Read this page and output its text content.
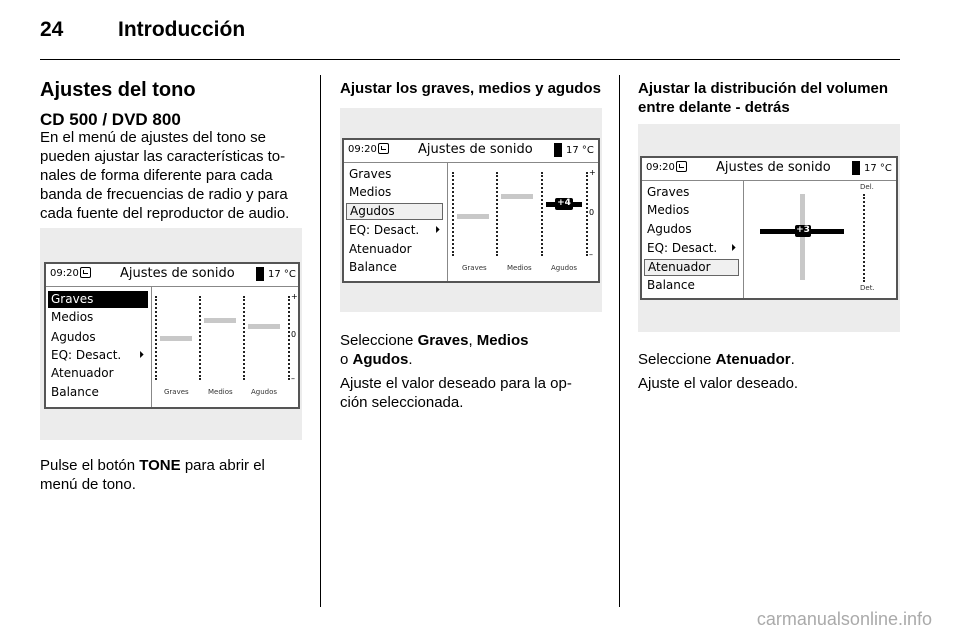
24	Introducción
Ajustes del tono
CD 500 / DVD 800
En el menú de ajustes del tono se
pueden ajustar las características to-
nales de forma diferente para cada
banda de frecuencias de radio y para
cada fuente del reproductor de audio.
09:20	Ajustes de sonido	17 °C
Graves
Medios
Agudos
EQ: Desact. ⏵
Atenuador
Balance
+
0
–
Graves	Medios	Agudos
Pulse el botón TONE para abrir el
menú de tono.
Ajustar los graves, medios y agudos
09:20	Ajustes de sonido	17 °C
Graves
Medios
Agudos
EQ: Desact. ⏵
Atenuador
Balance
+4
+
0
–
Graves	Medios	Agudos
Seleccione Graves, Medios
o Agudos.
Ajuste el valor deseado para la op-
ción seleccionada.
Ajustar la distribución del volumen
entre delante - detrás
09:20	Ajustes de sonido	17 °C
Graves
Medios
Agudos
EQ: Desact. ⏵
Atenuador
Balance
Del.
Det.
+3
Seleccione Atenuador.
Ajuste el valor deseado.
carmanualsonline.info
